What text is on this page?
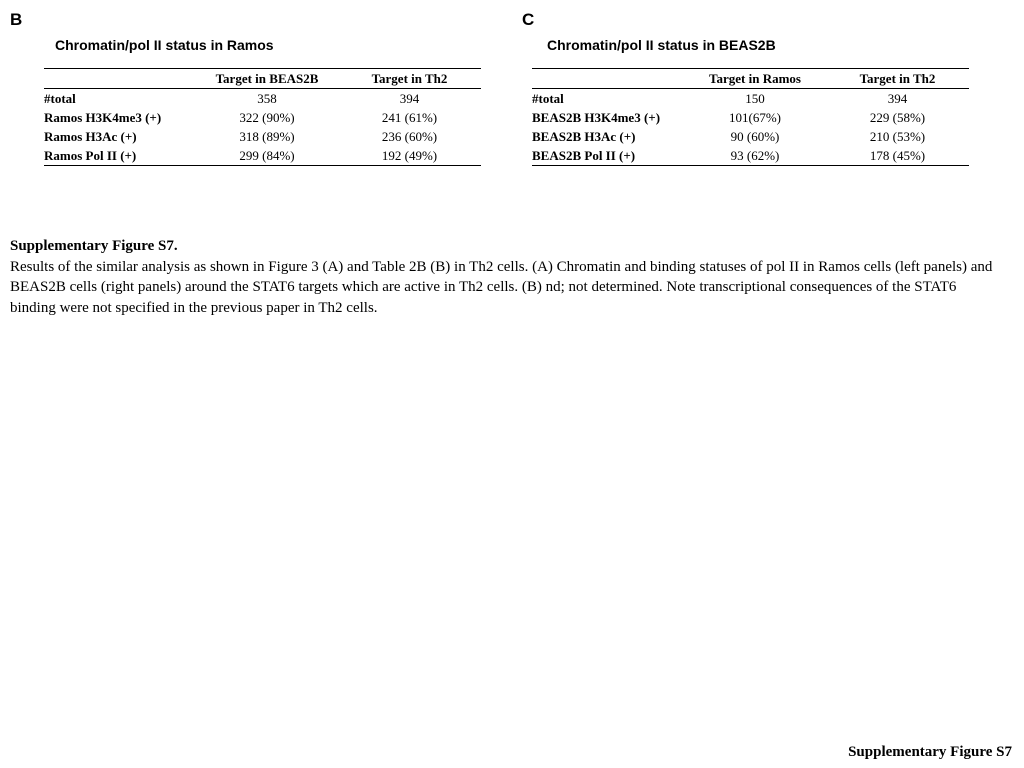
B
Chromatin/pol II status in Ramos
	Target in BEAS2B	Target in Th2
#total	358	394
Ramos H3K4me3 (+)	322 (90%)	241 (61%)
Ramos H3Ac (+)	318 (89%)	236 (60%)
Ramos Pol II (+)	299 (84%)	192 (49%)
C
Chromatin/pol II status in BEAS2B
	Target in Ramos	Target in Th2
#total	150	394
BEAS2B H3K4me3 (+)	101(67%)	229 (58%)
BEAS2B H3Ac (+)	90 (60%)	210 (53%)
BEAS2B Pol II (+)	93 (62%)	178 (45%)
Supplementary Figure S7.
Results of the similar analysis as shown in Figure 3 (A) and Table 2B (B) in Th2 cells. (A) Chromatin and binding statuses of pol II in Ramos cells (left panels) and BEAS2B cells (right panels) around the STAT6 targets which are active in Th2 cells. (B) nd; not determined. Note transcriptional consequences of the STAT6 binding were not specified in the previous paper in Th2 cells.
Supplementary Figure S7
